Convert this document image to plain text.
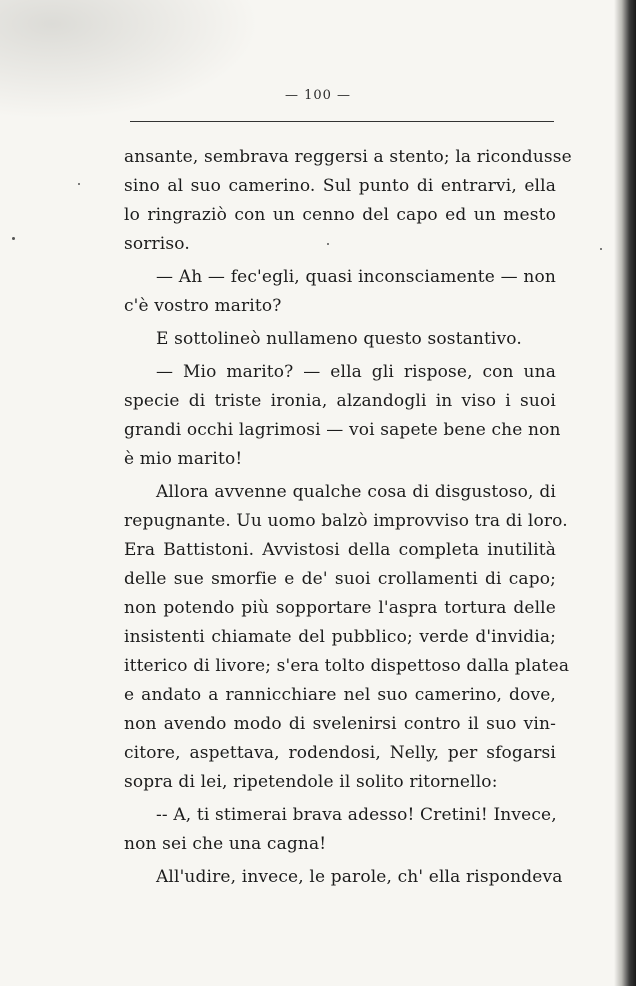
— 100 —
ansante, sembrava reggersi a stento; la ricondusse
sino al suo camerino. Sul punto di entrarvi, ella
lo ringraziò con un cenno del capo ed un mesto
sorriso.
— Ah — fec'egli, quasi inconsciamente — non
c'è vostro marito?
E sottolineò nullameno questo sostantivo.
— Mio marito? — ella gli rispose, con una
specie di triste ironia, alzandogli in viso i suoi
grandi occhi lagrimosi — voi sapete bene che non
è mio marito!
Allora avvenne qualche cosa di disgustoso, di
repugnante. Uu uomo balzò improvviso tra di loro.
Era Battistoni. Avvistosi della completa inutilità
delle sue smorfie e de' suoi crollamenti di capo;
non potendo più sopportare l'aspra tortura delle
insistenti chiamate del pubblico; verde d'invidia;
itterico di livore; s'era tolto dispettoso dalla platea
e andato a rannicchiare nel suo camerino, dove,
non avendo modo di svelenirsi contro il suo vin-
citore, aspettava, rodendosi, Nelly, per sfogarsi
sopra di lei, ripetendole il solito ritornello:
-- A, ti stimerai brava adesso! Cretini! Invece,
non sei che una cagna!
All'udire, invece, le parole, ch' ella rispondeva
